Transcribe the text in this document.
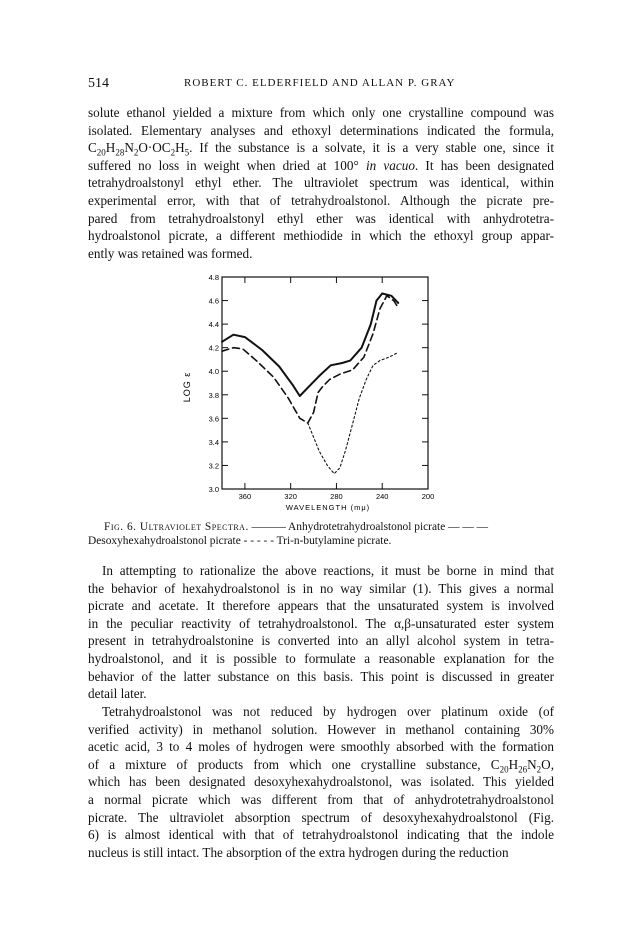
514	ROBERT C. ELDERFIELD AND ALLAN P. GRAY
solute ethanol yielded a mixture from which only one crystalline compound was
isolated. Elementary analyses and ethoxyl determinations indicated the formula,
$C_{20}H_{28}N_2O\cdot OC_2H_5$. If the substance is a solvate, it is a very stable one, since it
suffered no loss in weight when dried at 100° in vacuo. It has been designated
tetrahydroalstonyl ethyl ether. The ultraviolet spectrum was identical, within
experimental error, with that of tetrahydroalstonol. Although the picrate pre-
pared from tetrahydroalstonyl ethyl ether was identical with anhydrotetra-
hydroalstonol picrate, a different methiodide in which the ethoxyl group appar-
ently was retained was formed.
3.0
3.2
3.4
3.6
3.8
4.0
4.2
4.4
4.6
4.8
360	320	280	240	200
LOG ε
WAVELENGTH (mμ)
Fig. 6. Ultraviolet Spectra. ——— Anhydrotetrahydroalstonol picrate — — —
Desoxyhexahydroalstonol picrate - - - - - Tri-n-butylamine picrate.
In attempting to rationalize the above reactions, it must be borne in mind that
the behavior of hexahydroalstonol is in no way similar (1). This gives a normal
picrate and acetate. It therefore appears that the unsaturated system is involved
in the peculiar reactivity of tetrahydroalstonol. The α,β-unsaturated ester system
present in tetrahydroalstonine is converted into an allyl alcohol system in tetra-
hydroalstonol, and it is possible to formulate a reasonable explanation for the
behavior of the latter substance on this basis. This point is discussed in greater
detail later.
Tetrahydroalstonol was not reduced by hydrogen over platinum oxide (of
verified activity) in methanol solution. However in methanol containing 30%
acetic acid, 3 to 4 moles of hydrogen were smoothly absorbed with the formation
of a mixture of products from which one crystalline substance, $C_{20}H_{26}N_2O$,
which has been designated desoxyhexahydroalstonol, was isolated. This yielded
a normal picrate which was different from that of anhydrotetrahydroalstonol
picrate. The ultraviolet absorption spectrum of desoxyhexahydroalstonol (Fig.
6) is almost identical with that of tetrahydroalstonol indicating that the indole
nucleus is still intact. The absorption of the extra hydrogen during the reduction
